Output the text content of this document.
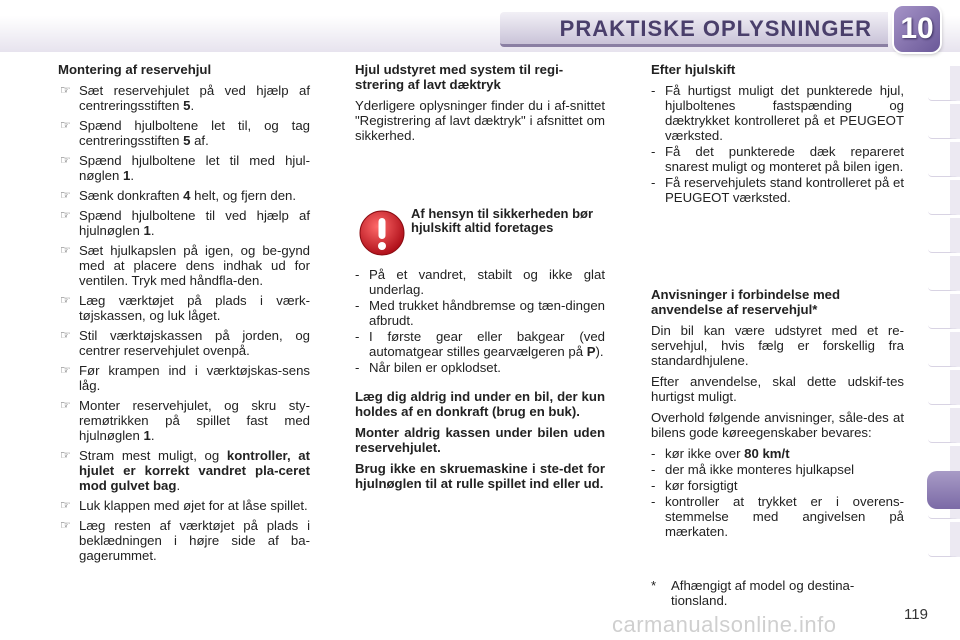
PRAKTISKE OPLYSNINGER 10
Montering af reservehjul
☞ Sæt reservehjulet på ved hjælp af centreringsstiften 5.
☞ Spænd hjulboltene let til, og tag centreringsstiften 5 af.
☞ Spænd hjulboltene let til med hjul-nøglen 1.
☞ Sænk donkraften 4 helt, og fjern den.
☞ Spænd hjulboltene til ved hjælp af hjulnøglen 1.
☞ Sæt hjulkapslen på igen, og be-gynd med at placere dens indhak ud for ventilen. Tryk med håndfla-den.
☞ Læg værktøjet på plads i værk-tøjskassen, og luk låget.
☞ Stil værktøjskassen på jorden, og centrer reservehjulet ovenpå.
☞ Før krampen ind i værktøjskas-sens låg.
☞ Monter reservehjulet, og skru sty-remøtrikken på spillet fast med hjulnøglen 1.
☞ Stram mest muligt, og kontroller, at hjulet er korrekt vandret pla-ceret mod gulvet bag.
☞ Luk klappen med øjet for at låse spillet.
☞ Læg resten af værktøjet på plads i beklædningen i højre side af ba-gagerummet.
Hjul udstyret med system til regi-strering af lavt dæktryk

Yderligere oplysninger finder du i af-snittet "Registrering af lavt dæktryk" i afsnittet om sikkerhed.

Af hensyn til sikkerheden bør hjulskift altid foretages
- På et vandret, stabilt og ikke glat underlag.
- Med trukket håndbremse og tæn-dingen afbrudt.
- I første gear eller bakgear (ved automatgear stilles gearvælgeren på P).
- Når bilen er opklodset.

Læg dig aldrig ind under en bil, der kun holdes af en donkraft (brug en buk).

Monter aldrig kassen under bilen uden reservehjulet.

Brug ikke en skruemaskine i ste-det for hjulnøglen til at rulle spillet ind eller ud.

Efter hjulskift
- Få hurtigst muligt det punkterede hjul, hjulboltenes fastspænding og dæktrykket kontrolleret på et PEUGEOT værksted.
- Få det punkterede dæk repareret snarest muligt og monteret på bilen igen.
- Få reservehjulets stand kontrolleret på et PEUGEOT værksted.
Anvisninger i forbindelse med anvendelse af reservehjul*

Din bil kan være udstyret med et re-servehjul, hvis fælg er forskellig fra standardhjulene.

Efter anvendelse, skal dette udskif-tes hurtigst muligt.

Overhold følgende anvisninger, såle-des at bilens gode køreegenskaber bevares:

- kør ikke over 80 km/t
- der må ikke monteres hjulkapsel
- kør forsigtigt
- kontroller at trykket er i overens-stemmelse med angivelsen på mærkaten.
* Afhængigt af model og destina-tionsland.
119
carmanualsonline.info
